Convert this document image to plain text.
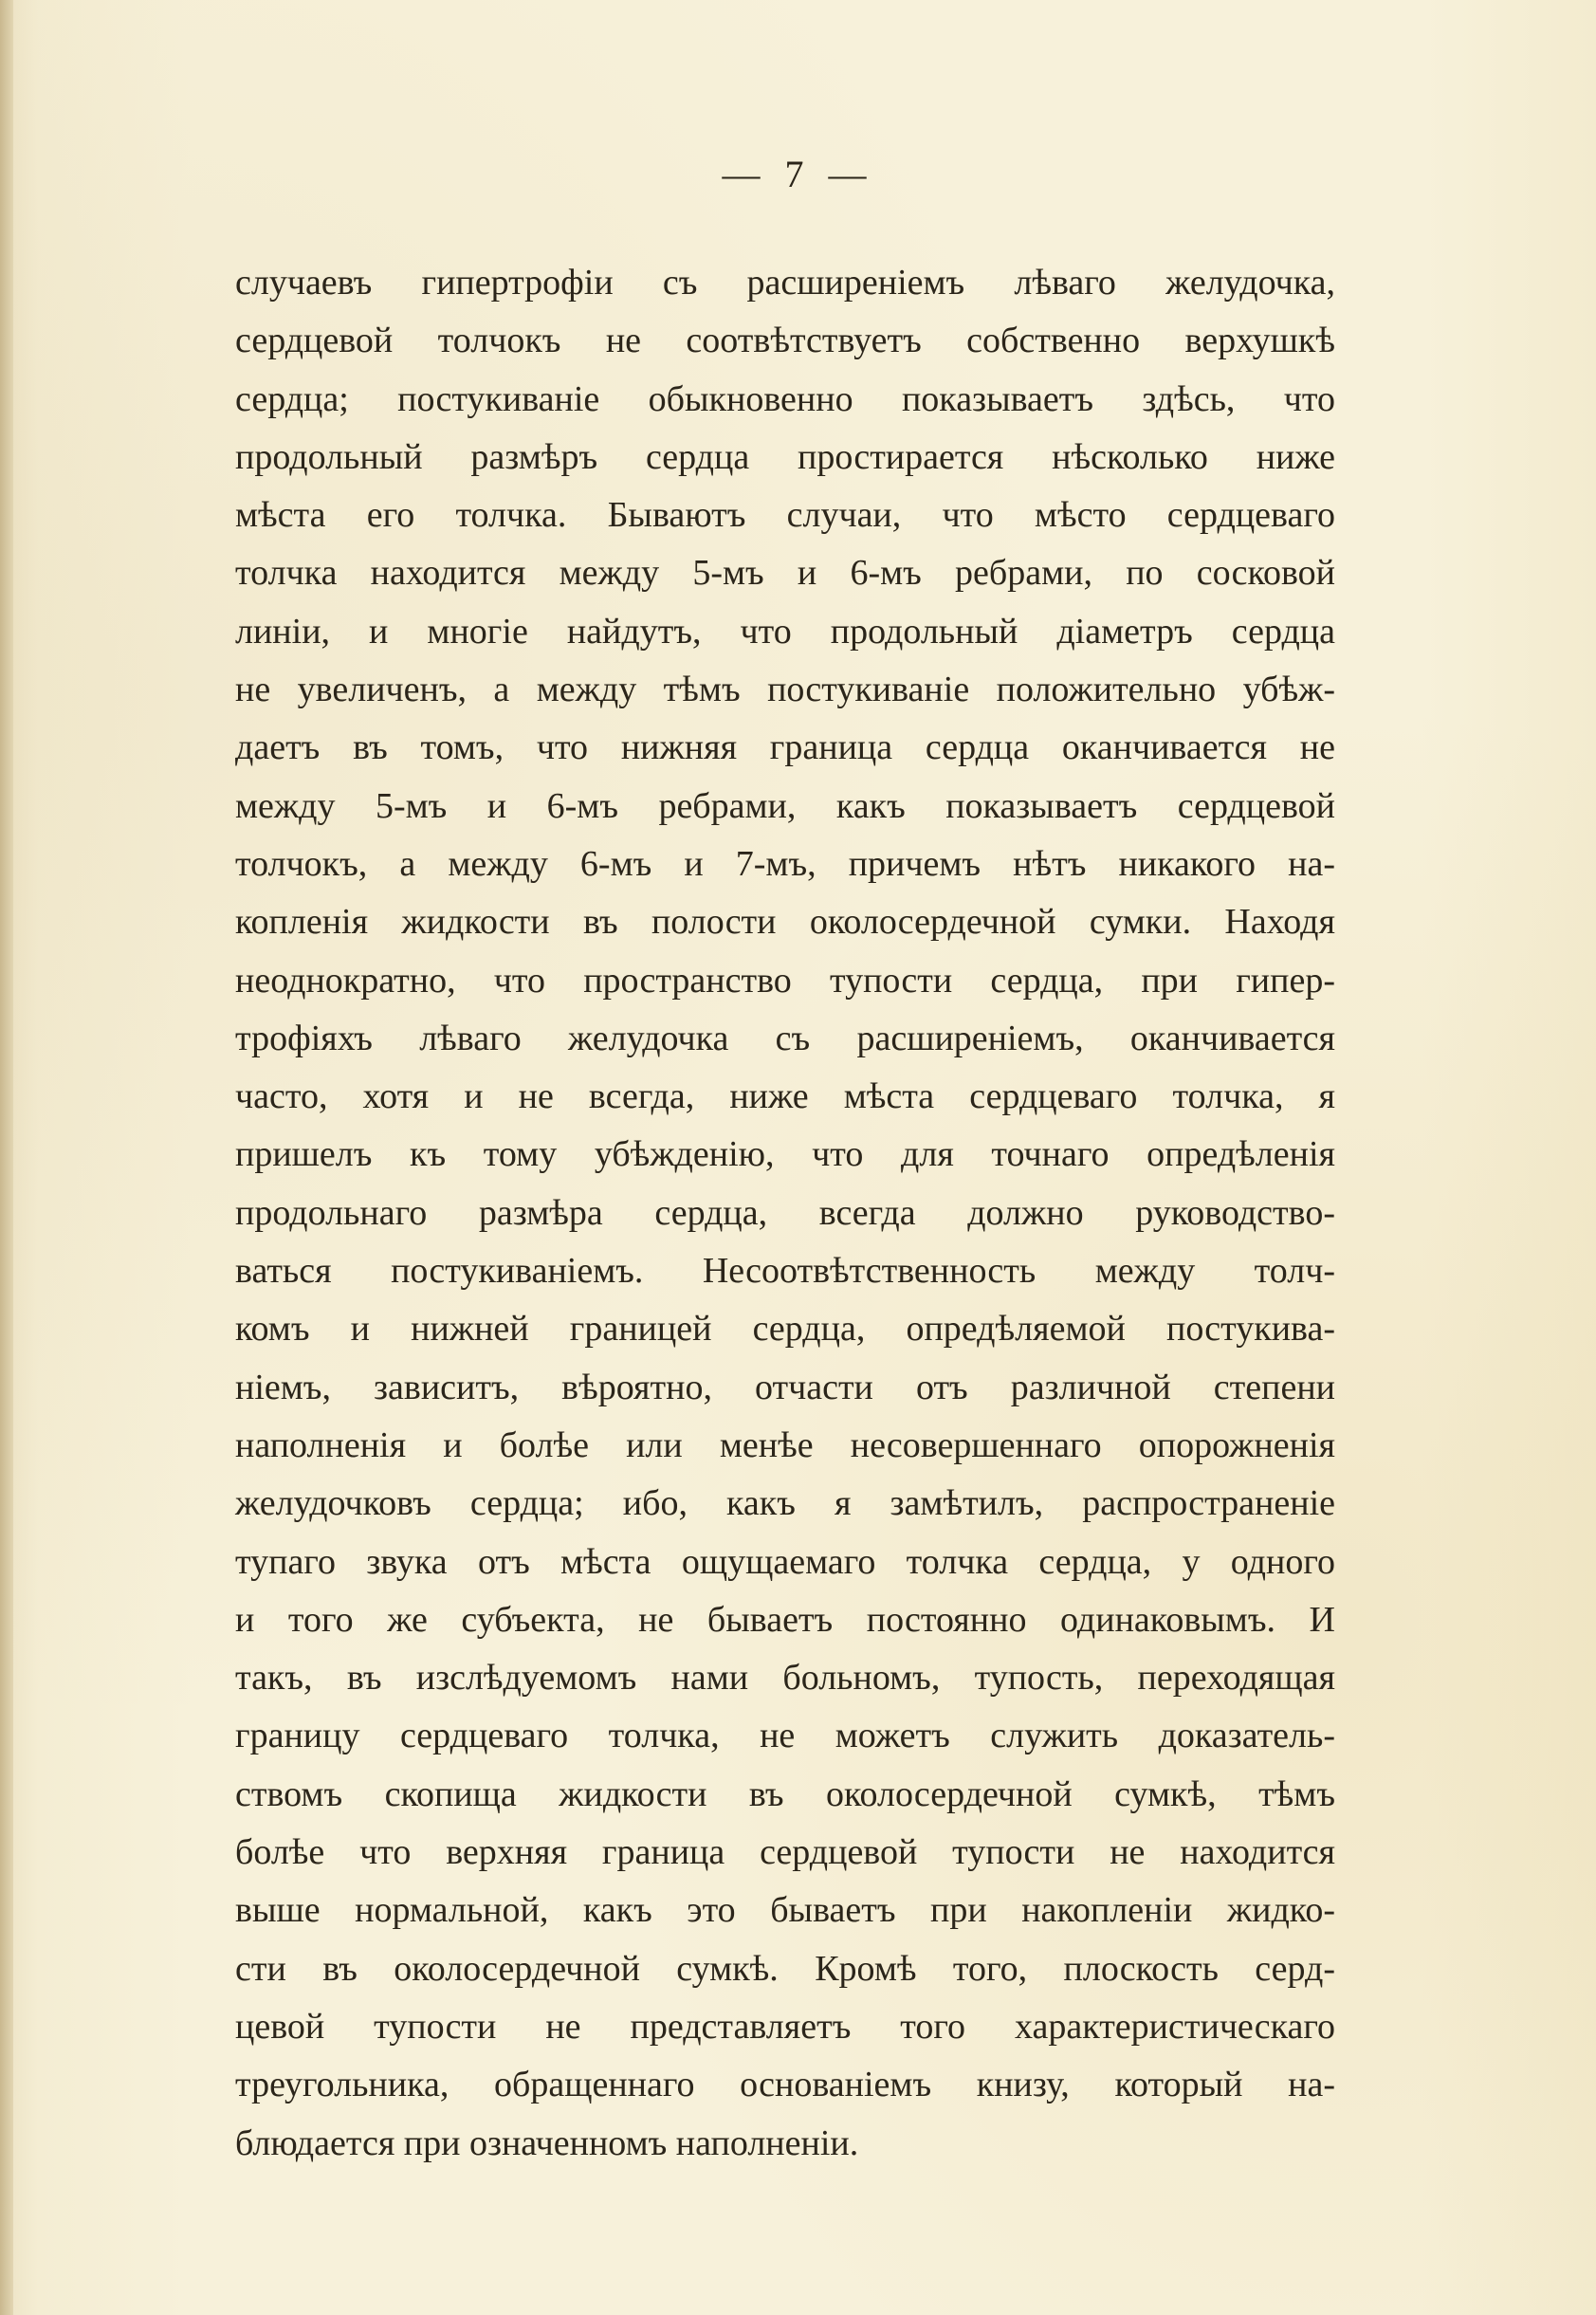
— 7 —
случаевъ гипертрофіи съ расширеніемъ лѣваго желудочка,
сердцевой толчокъ не соотвѣтствуетъ собственно верхушкѣ
сердца; постукиваніе обыкновенно показываетъ здѣсь, что
продольный размѣръ сердца простирается нѣсколько ниже
мѣста его толчка. Бываютъ случаи, что мѣсто сердцеваго
толчка находится между 5-мъ и 6-мъ ребрами, по сосковой
линіи, и многіе найдутъ, что продольный діаметръ сердца
не увеличенъ, а между тѣмъ постукиваніе положительно убѣж-
даетъ въ томъ, что нижняя граница сердца оканчивается не
между 5-мъ и 6-мъ ребрами, какъ показываетъ сердцевой
толчокъ, а между 6-мъ и 7-мъ, причемъ нѣтъ никакого на-
копленія жидкости въ полости околосердечной сумки. Находя
неоднократно, что пространство тупости сердца, при гипер-
трофіяхъ лѣваго желудочка съ расширеніемъ, оканчивается
часто, хотя и не всегда, ниже мѣста сердцеваго толчка, я
пришелъ къ тому убѣжденію, что для точнаго опредѣленія
продольнаго размѣра сердца, всегда должно руководство-
ваться постукиваніемъ. Несоотвѣтственность между толч-
комъ и нижней границей сердца, опредѣляемой постукива-
ніемъ, зависитъ, вѣроятно, отчасти отъ различной степени
наполненія и болѣе или менѣе несовершеннаго опорожненія
желудочковъ сердца; ибо, какъ я замѣтилъ, распространеніе
тупаго звука отъ мѣста ощущаемаго толчка сердца, у одного
и того же субъекта, не бываетъ постоянно одинаковымъ. И
такъ, въ изслѣдуемомъ нами больномъ, тупость, переходящая
границу сердцеваго толчка, не можетъ служить доказатель-
ствомъ скопища жидкости въ околосердечной сумкѣ, тѣмъ
болѣе что верхняя граница сердцевой тупости не находится
выше нормальной, какъ это бываетъ при накопленіи жидко-
сти въ околосердечной сумкѣ. Кромѣ того, плоскость серд-
цевой тупости не представляетъ того характеристическаго
треугольника, обращеннаго основаніемъ книзу, который на-
блюдается при означенномъ наполненіи.
